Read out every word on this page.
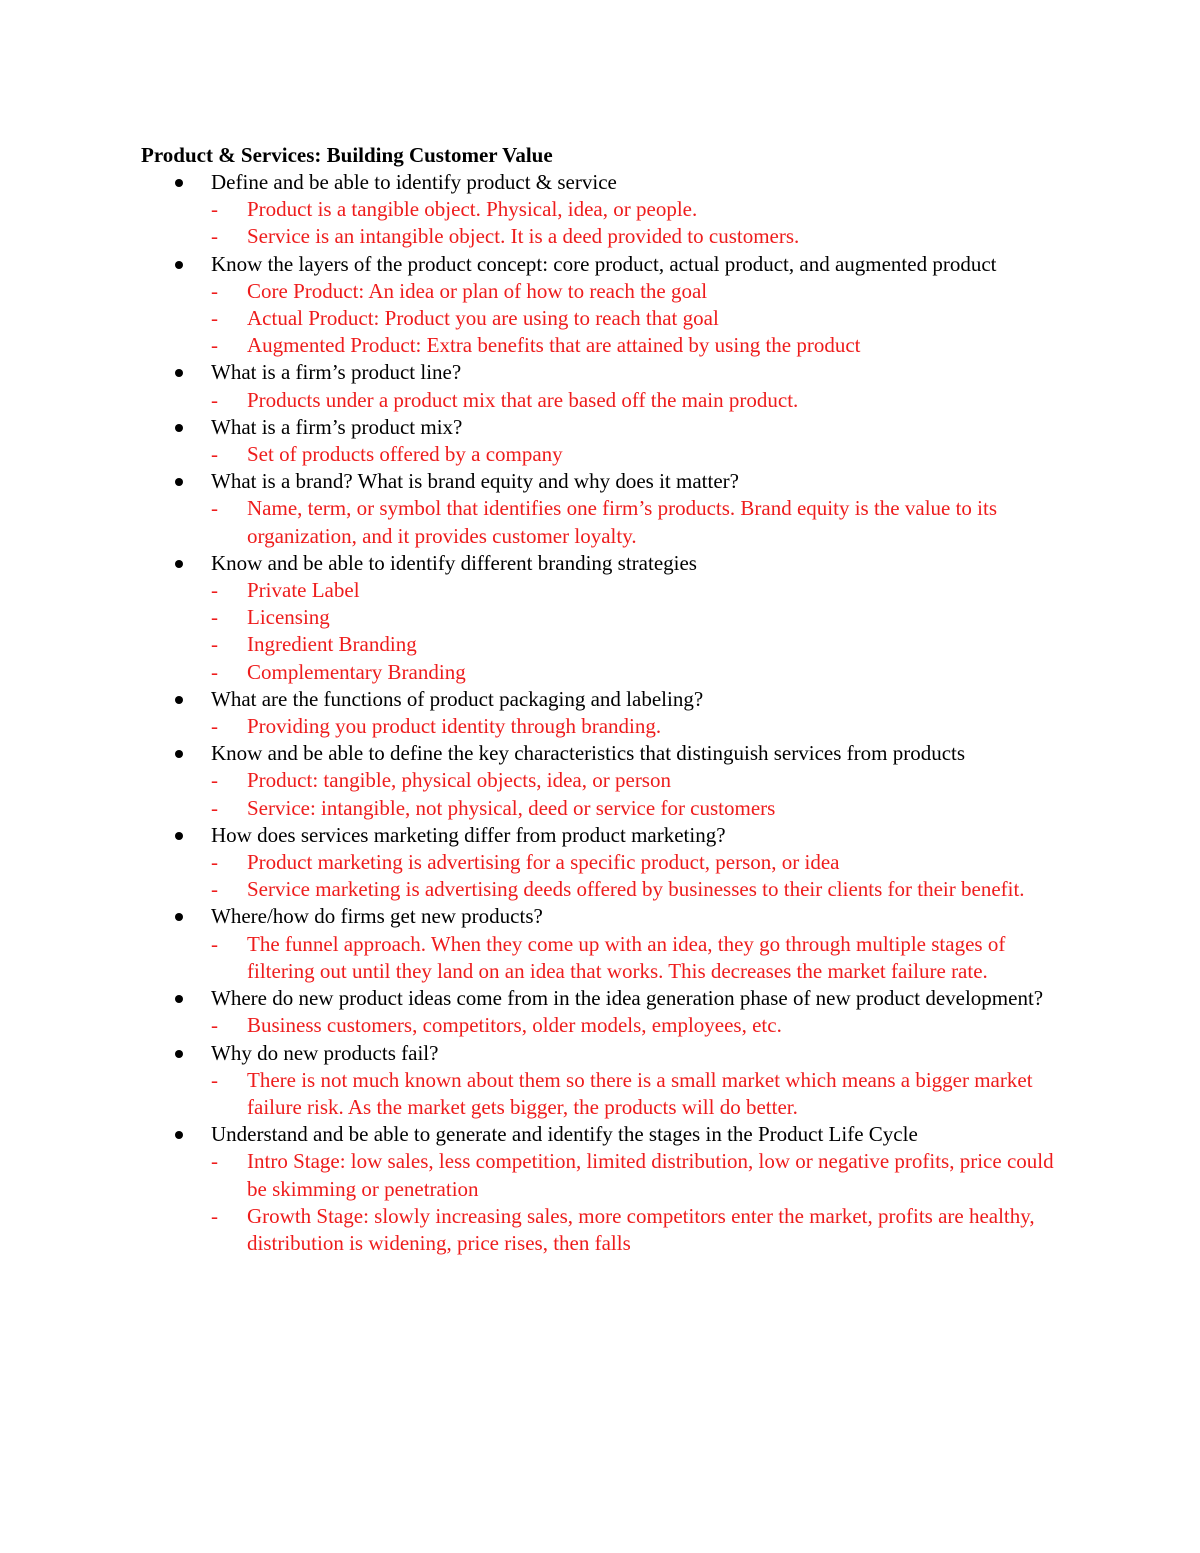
Product & Services: Building Customer Value
Define and be able to identify product & service
-	Product is a tangible object. Physical, idea, or people.
-	Service is an intangible object. It is a deed provided to customers.
Know the layers of the product concept: core product, actual product, and augmented product
-	Core Product: An idea or plan of how to reach the goal
-	Actual Product: Product you are using to reach that goal
-	Augmented Product: Extra benefits that are attained by using the product
What is a firm’s product line?
-	Products under a product mix that are based off the main product.
What is a firm’s product mix?
-	Set of products offered by a company
What is a brand? What is brand equity and why does it matter?
-	Name, term, or symbol that identifies one firm’s products. Brand equity is the value to its organization, and it provides customer loyalty.
Know and be able to identify different branding strategies
-	Private Label
-	Licensing
-	Ingredient Branding
-	Complementary Branding
What are the functions of product packaging and labeling?
-	Providing you product identity through branding.
Know and be able to define the key characteristics that distinguish services from products
-	Product: tangible, physical objects, idea, or person
-	Service: intangible, not physical, deed or service for customers
How does services marketing differ from product marketing?
-	Product marketing is advertising for a specific product, person, or idea
-	Service marketing is advertising deeds offered by businesses to their clients for their benefit.
Where/how do firms get new products?
-	The funnel approach. When they come up with an idea, they go through multiple stages of filtering out until they land on an idea that works. This decreases the market failure rate.
Where do new product ideas come from in the idea generation phase of new product development?
-	Business customers, competitors, older models, employees, etc.
Why do new products fail?
-	There is not much known about them so there is a small market which means a bigger market failure risk. As the market gets bigger, the products will do better.
Understand and be able to generate and identify the stages in the Product Life Cycle
-	Intro Stage: low sales, less competition, limited distribution, low or negative profits, price could be skimming or penetration
-	Growth Stage: slowly increasing sales, more competitors enter the market, profits are healthy, distribution is widening, price rises, then falls
